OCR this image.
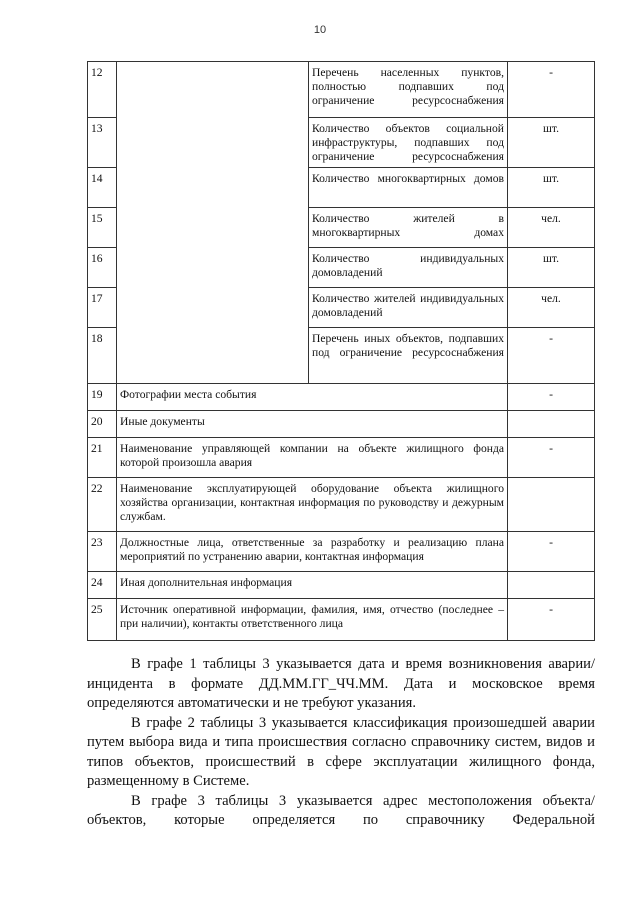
10
12		Перечень населенных пунктов, полностью подпавших под ограничение ресурсоснабжения	-
13		Количество объектов социальной инфраструктуры, подпавших под ограничение ресурсоснабжения	шт.
14		Количество многоквартирных домов	шт.
15		Количество жителей в многоквартирных домах	чел.
16		Количество индивидуальных домовладений	шт.
17		Количество жителей индивидуальных домовладений	чел.
18		Перечень иных объектов, подпавших под ограничение ресурсоснабжения	-
19	Фотографии места события		-
20	Иные документы		
21	Наименование управляющей компании на объекте жилищного фонда которой произошла авария		-
22	Наименование эксплуатирующей оборудование объекта жилищного хозяйства организации, контактная информация по руководству и дежурным службам.		
23	Должностные лица, ответственные за разработку и реализацию плана мероприятий по устранению аварии, контактная информация		-
24	Иная дополнительная информация		
25	Источник оперативной информации, фамилия, имя, отчество (последнее – при наличии), контакты ответственного лица		-

В графе 1 таблицы 3 указывается дата и время возникновения аварии/инцидента в формате ДД.ММ.ГГ_ЧЧ.ММ. Дата и московское время определяются автоматически и не требуют указания.

В графе 2 таблицы 3 указывается классификация произошедшей аварии путем выбора вида и типа происшествия согласно справочнику систем, видов и типов объектов, происшествий в сфере эксплуатации жилищного фонда, размещенному в Системе.

В графе 3 таблицы 3 указывается адрес местоположения объекта/объектов, которые определяется по справочнику Федеральной
